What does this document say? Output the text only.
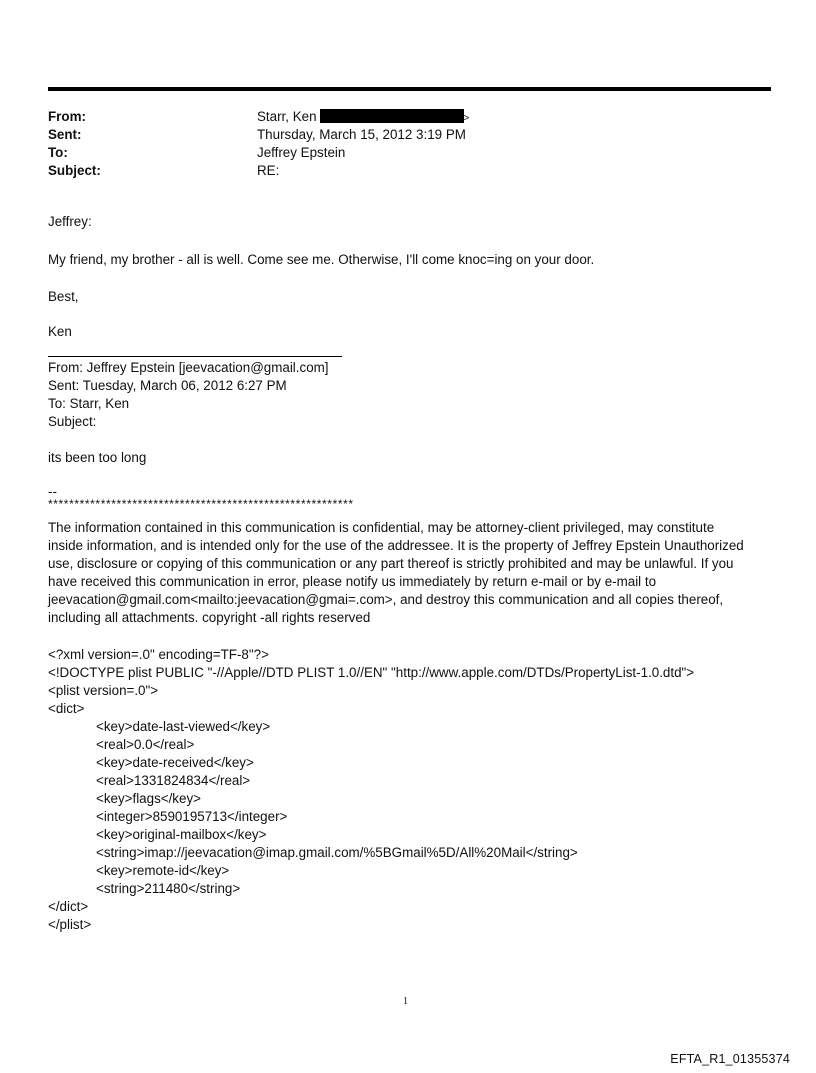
From:	Starr, Ken	>
Sent:	Thursday, March 15, 2012 3:19 PM
To:	Jeffrey Epstein
Subject:	RE:
Jeffrey:
My friend, my brother - all is well. Come see me. Otherwise, I'll come knoc=ing on your door.
Best,
Ken
From: Jeffrey Epstein [jeevacation@gmail.com]
Sent: Tuesday, March 06, 2012 6:27 PM
To: Starr, Ken
Subject:
its been too long
--
**********************************************************
The information contained in this communication is confidential, may be attorney-client privileged, may constitute
inside information, and is intended only for the use of the addressee. It is the property of Jeffrey Epstein Unauthorized
use, disclosure or copying of this communication or any part thereof is strictly prohibited and may be unlawful. If you
have received this communication in error, please notify us immediately by return e-mail or by e-mail to
jeevacation@gmail.com<mailto:jeevacation@gmai=.com>, and destroy this communication and all copies thereof,
including all attachments. copyright -all rights reserved
<?xml version=.0" encoding=TF-8"?>
<!DOCTYPE plist PUBLIC "-//Apple//DTD PLIST 1.0//EN" "http://www.apple.com/DTDs/PropertyList-1.0.dtd">
<plist version=.0">
<dict>
<key>date-last-viewed</key>
<real>0.0</real>
<key>date-received</key>
<real>1331824834</real>
<key>flags</key>
<integer>8590195713</integer>
<key>original-mailbox</key>
<string>imap://jeevacation@imap.gmail.com/%5BGmail%5D/All%20Mail</string>
<key>remote-id</key>
<string>211480</string>
</dict>
</plist>
1
EFTA_R1_01355374
